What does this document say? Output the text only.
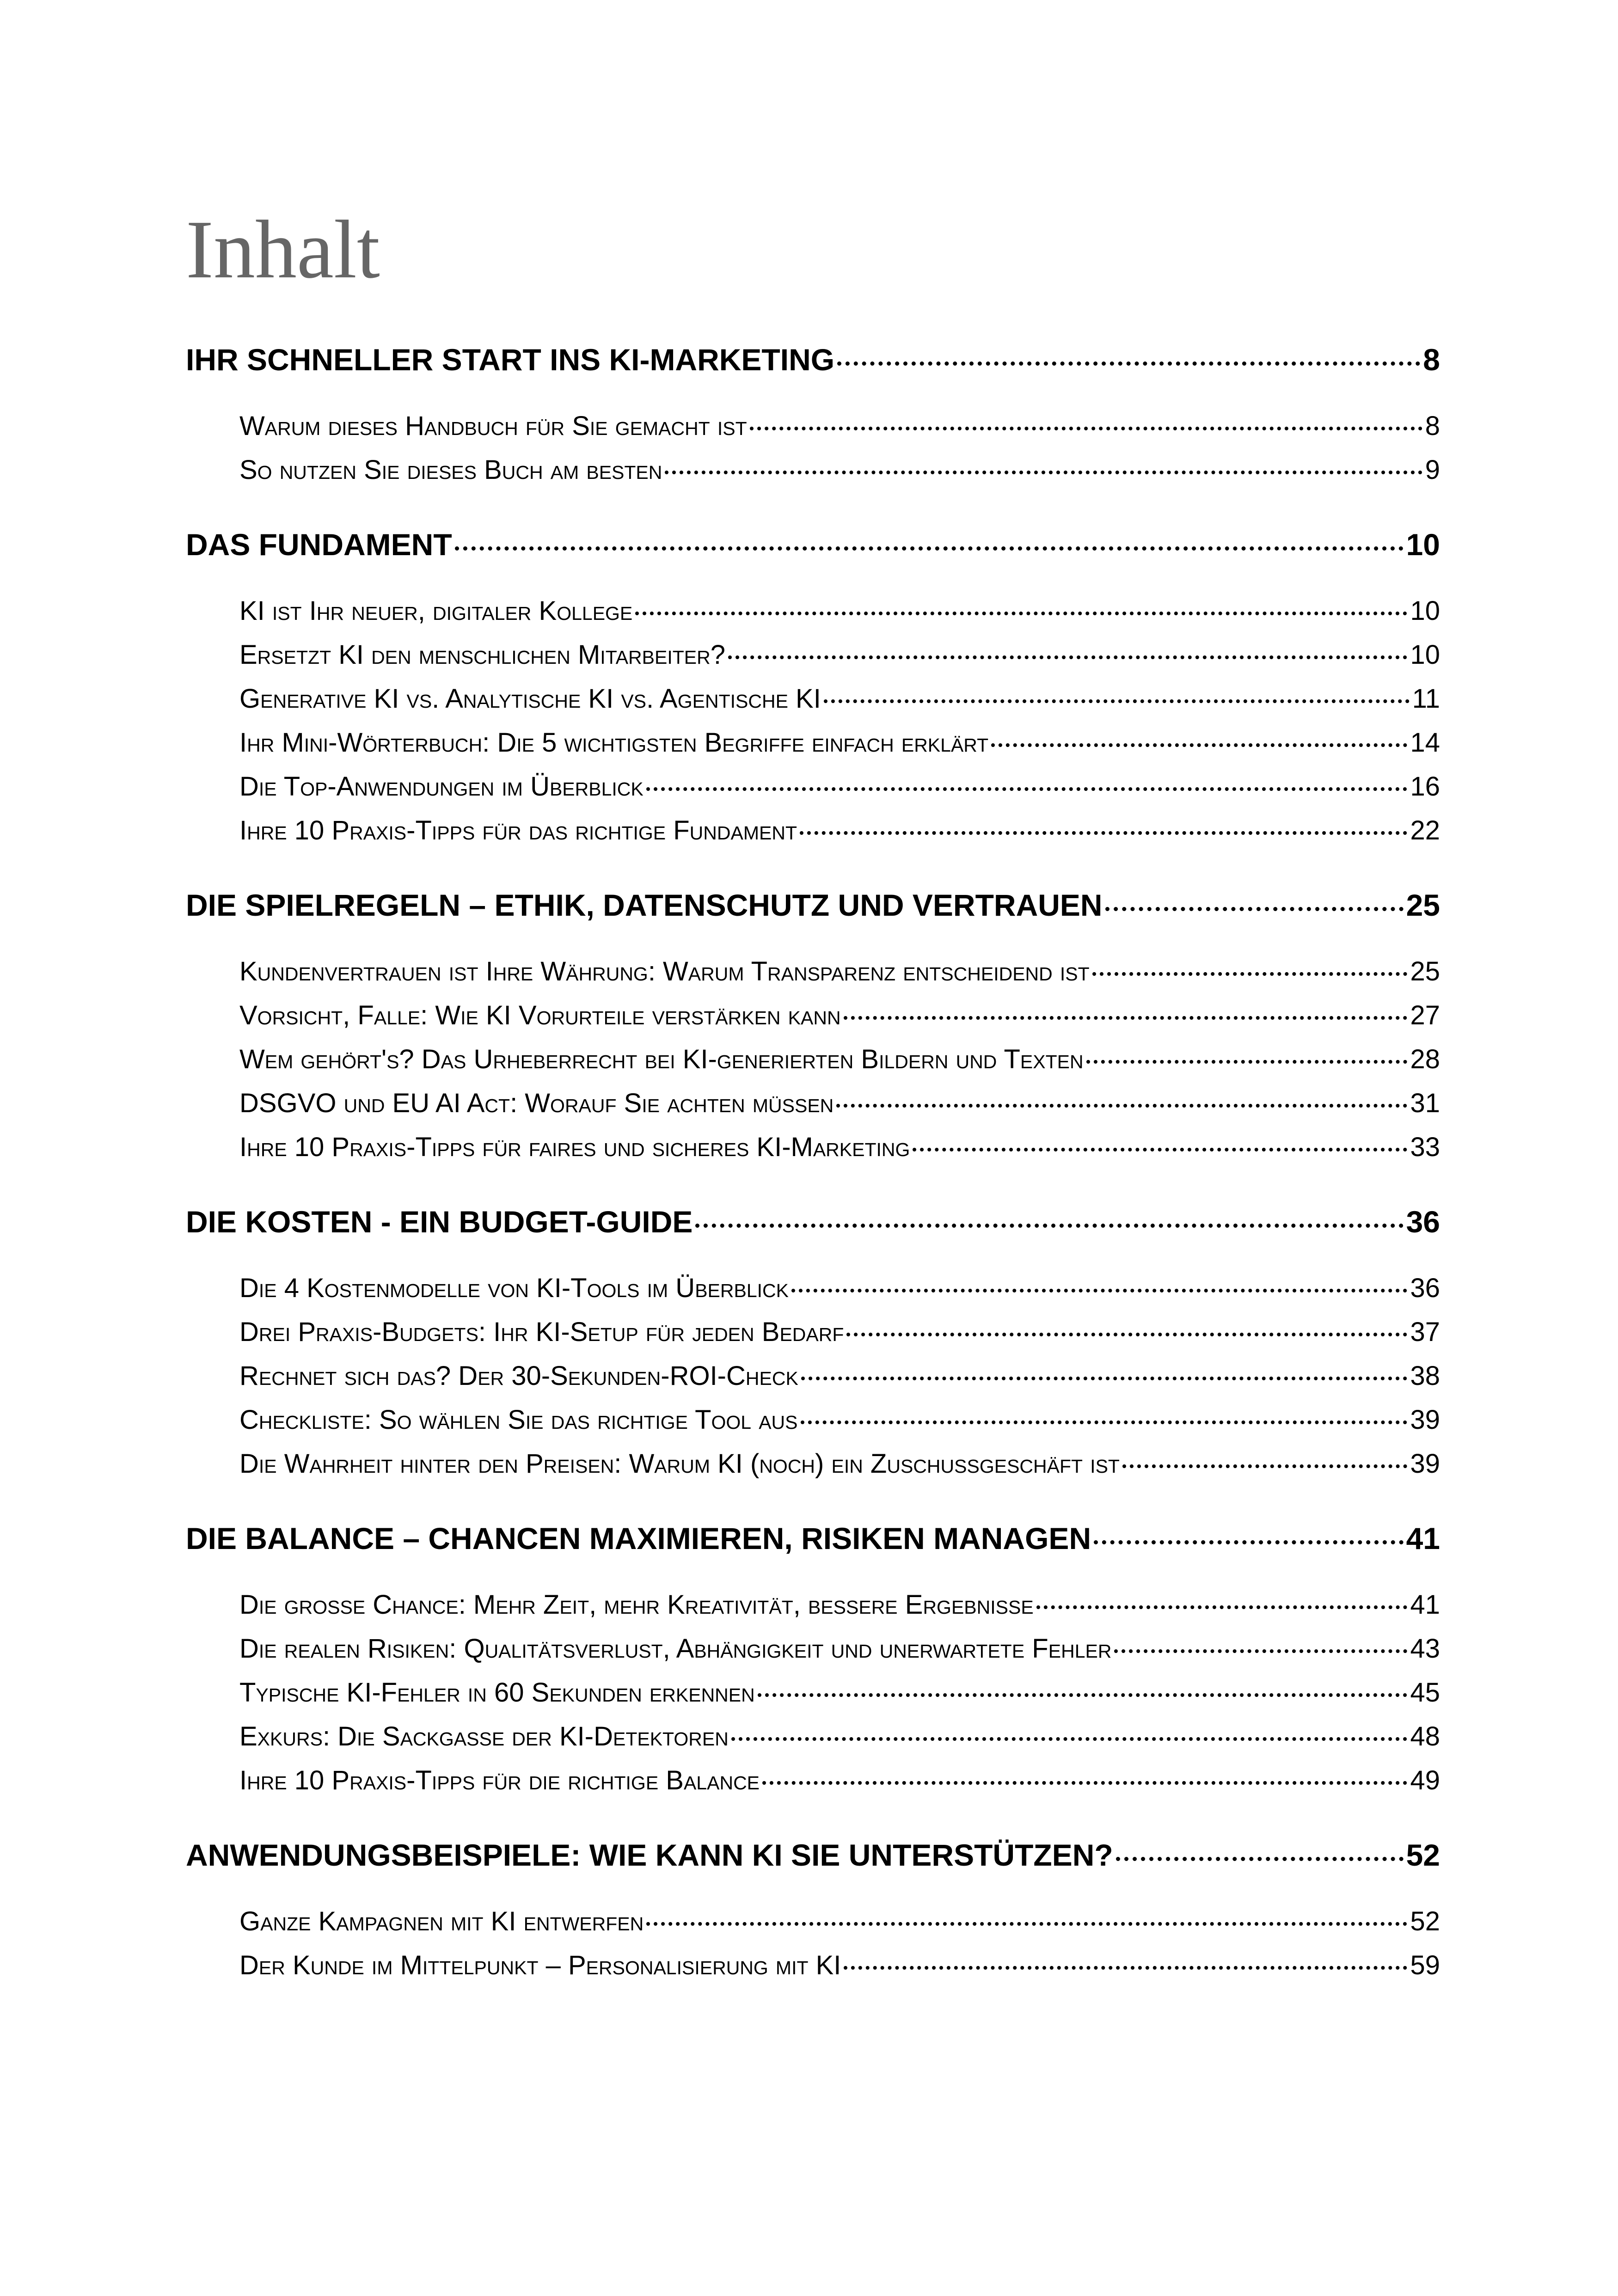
Inhalt
IHR SCHNELLER START INS KI-MARKETING	8
Warum dieses Handbuch für Sie gemacht ist	8
So nutzen Sie dieses Buch am besten	9
DAS FUNDAMENT	10
KI ist Ihr neuer, digitaler Kollege	10
Ersetzt KI den menschlichen Mitarbeiter?	10
Generative KI vs. Analytische KI vs. Agentische KI	11
Ihr Mini-Wörterbuch: Die 5 wichtigsten Begriffe einfach erklärt	14
Die Top-Anwendungen im Überblick	16
Ihre 10 Praxis-Tipps für das richtige Fundament	22
DIE SPIELREGELN – ETHIK, DATENSCHUTZ UND VERTRAUEN	25
Kundenvertrauen ist Ihre Währung: Warum Transparenz entscheidend ist	25
Vorsicht, Falle: Wie KI Vorurteile verstärken kann	27
Wem gehört's? Das Urheberrecht bei KI-generierten Bildern und Texten	28
DSGVO und EU AI Act: Worauf Sie achten müssen	31
Ihre 10 Praxis-Tipps für faires und sicheres KI-Marketing	33
DIE KOSTEN - EIN BUDGET-GUIDE	36
Die 4 Kostenmodelle von KI-Tools im Überblick	36
Drei Praxis-Budgets: Ihr KI-Setup für jeden Bedarf	37
Rechnet sich das? Der 30-Sekunden-ROI-Check	38
Checkliste: So wählen Sie das richtige Tool aus	39
Die Wahrheit hinter den Preisen: Warum KI (noch) ein Zuschussgeschäft ist	39
DIE BALANCE – CHANCEN MAXIMIEREN, RISIKEN MANAGEN	41
Die große Chance: Mehr Zeit, mehr Kreativität, bessere Ergebnisse	41
Die realen Risiken: Qualitätsverlust, Abhängigkeit und unerwartete Fehler	43
Typische KI-Fehler in 60 Sekunden erkennen	45
Exkurs: Die Sackgasse der KI-Detektoren	48
Ihre 10 Praxis-Tipps für die richtige Balance	49
ANWENDUNGSBEISPIELE: WIE KANN KI SIE UNTERSTÜTZEN?	52
Ganze Kampagnen mit KI entwerfen	52
Der Kunde im Mittelpunkt – Personalisierung mit KI	59
